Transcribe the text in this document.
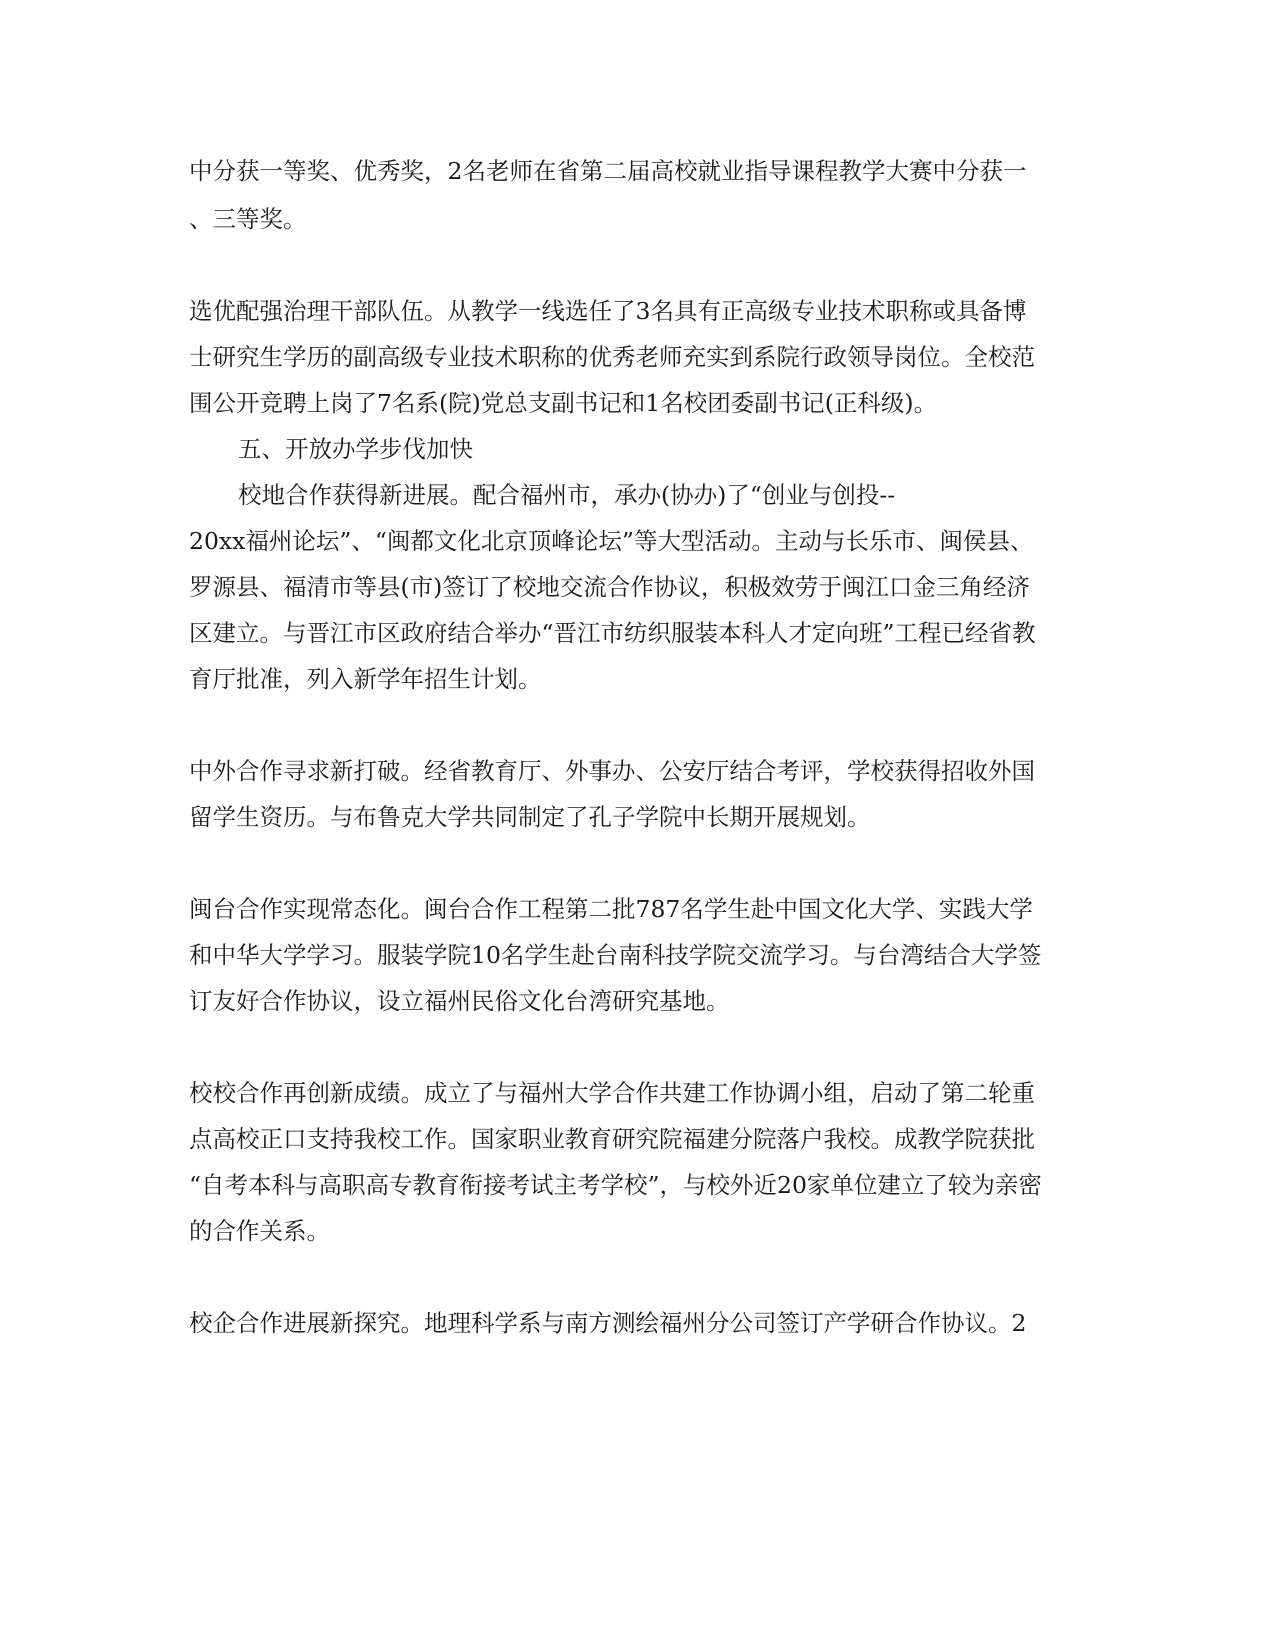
中分获一等奖、优秀奖，2名老师在省第二届高校就业指导课程教学大赛中分获一
、三等奖。
选优配强治理干部队伍。从教学一线选任了3名具有正高级专业技术职称或具备博
士研究生学历的副高级专业技术职称的优秀老师充实到系院行政领导岗位。全校范
围公开竞聘上岗了7名系(院)党总支副书记和1名校团委副书记(正科级)。
五、开放办学步伐加快
校地合作获得新进展。配合福州市，承办(协办)了“创业与创投--
20xx福州论坛”、“闽都文化北京顶峰论坛”等大型活动。主动与长乐市、闽侯县、
罗源县、福清市等县(市)签订了校地交流合作协议，积极效劳于闽江口金三角经济
区建立。与晋江市区政府结合举办“晋江市纺织服装本科人才定向班”工程已经省教
育厅批准，列入新学年招生计划。
中外合作寻求新打破。经省教育厅、外事办、公安厅结合考评，学校获得招收外国
留学生资历。与布鲁克大学共同制定了孔子学院中长期开展规划。
闽台合作实现常态化。闽台合作工程第二批787名学生赴中国文化大学、实践大学
和中华大学学习。服装学院10名学生赴台南科技学院交流学习。与台湾结合大学签
订友好合作协议，设立福州民俗文化台湾研究基地。
校校合作再创新成绩。成立了与福州大学合作共建工作协调小组，启动了第二轮重
点高校正口支持我校工作。国家职业教育研究院福建分院落户我校。成教学院获批
“自考本科与高职高专教育衔接考试主考学校”，与校外近20家单位建立了较为亲密
的合作关系。
校企合作进展新探究。地理科学系与南方测绘福州分公司签订产学研合作协议。2
